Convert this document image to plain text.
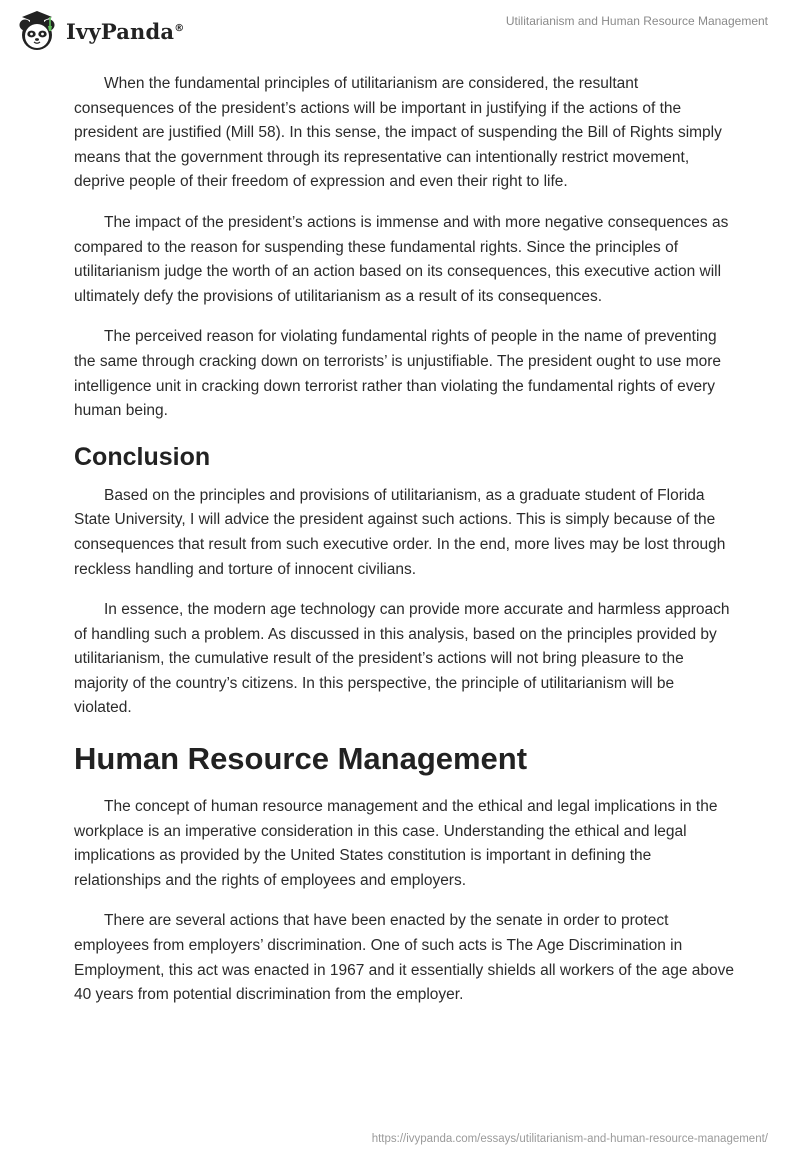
IvyPanda®	Utilitarianism and Human Resource Management

When the fundamental principles of utilitarianism are considered, the resultant consequences of the president’s actions will be important in justifying if the actions of the president are justified (Mill 58). In this sense, the impact of suspending the Bill of Rights simply means that the government through its representative can intentionally restrict movement, deprive people of their freedom of expression and even their right to life.

The impact of the president’s actions is immense and with more negative consequences as compared to the reason for suspending these fundamental rights. Since the principles of utilitarianism judge the worth of an action based on its consequences, this executive action will ultimately defy the provisions of utilitarianism as a result of its consequences.

The perceived reason for violating fundamental rights of people in the name of preventing the same through cracking down on terrorists’ is unjustifiable. The president ought to use more intelligence unit in cracking down terrorist rather than violating the fundamental rights of every human being.

Conclusion

Based on the principles and provisions of utilitarianism, as a graduate student of Florida State University, I will advice the president against such actions. This is simply because of the consequences that result from such executive order. In the end, more lives may be lost through reckless handling and torture of innocent civilians.

In essence, the modern age technology can provide more accurate and harmless approach of handling such a problem. As discussed in this analysis, based on the principles provided by utilitarianism, the cumulative result of the president’s actions will not bring pleasure to the majority of the country’s citizens. In this perspective, the principle of utilitarianism will be violated.

Human Resource Management

The concept of human resource management and the ethical and legal implications in the workplace is an imperative consideration in this case. Understanding the ethical and legal implications as provided by the United States constitution is important in defining the relationships and the rights of employees and employers.

There are several actions that have been enacted by the senate in order to protect employees from employers’ discrimination. One of such acts is The Age Discrimination in Employment, this act was enacted in 1967 and it essentially shields all workers of the age above 40 years from potential discrimination from the employer.

https://ivypanda.com/essays/utilitarianism-and-human-resource-management/
